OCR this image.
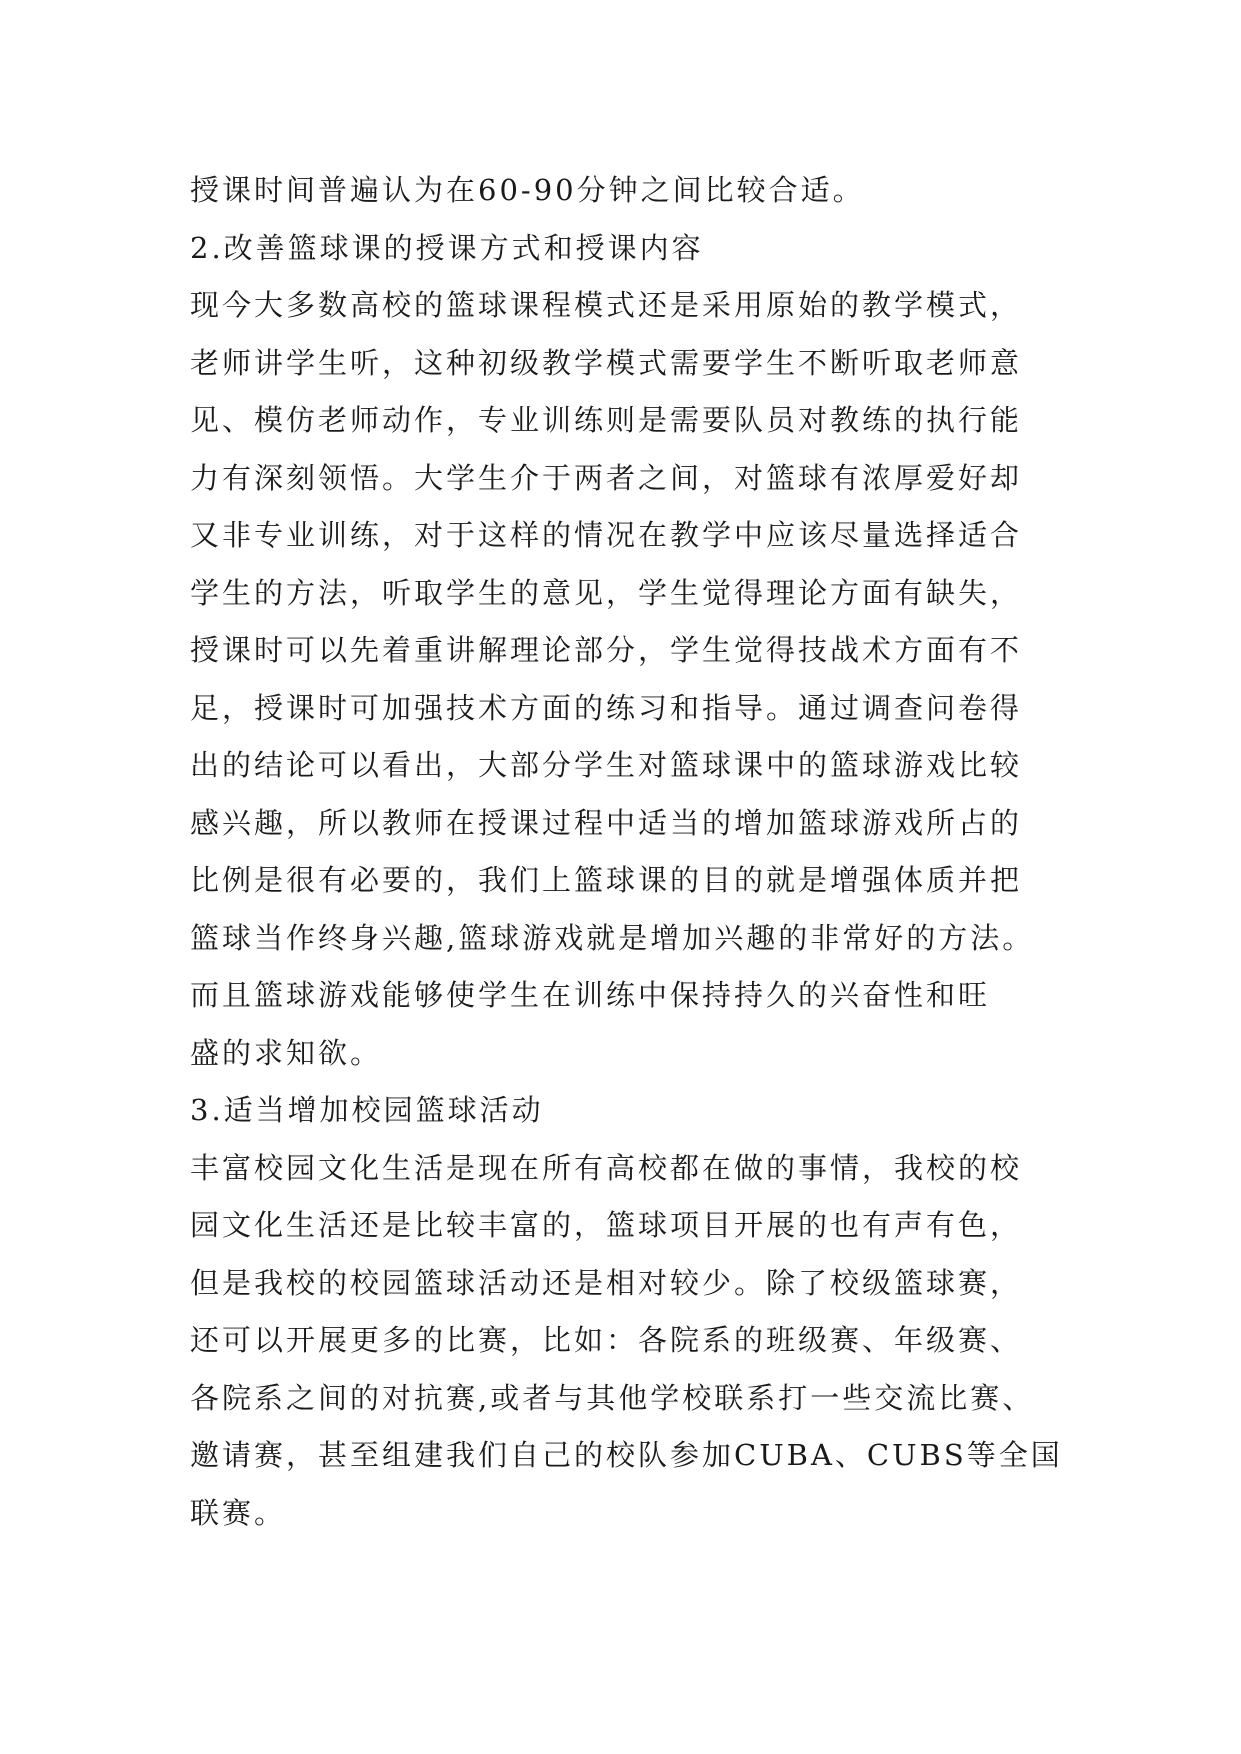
授课时间普遍认为在60-90分钟之间比较合适。
2.改善篮球课的授课方式和授课内容
现今大多数高校的篮球课程模式还是采用原始的教学模式，
老师讲学生听，这种初级教学模式需要学生不断听取老师意
见、模仿老师动作，专业训练则是需要队员对教练的执行能
力有深刻领悟。大学生介于两者之间，对篮球有浓厚爱好却
又非专业训练，对于这样的情况在教学中应该尽量选择适合
学生的方法，听取学生的意见，学生觉得理论方面有缺失，
授课时可以先着重讲解理论部分，学生觉得技战术方面有不
足，授课时可加强技术方面的练习和指导。通过调查问卷得
出的结论可以看出，大部分学生对篮球课中的篮球游戏比较
感兴趣，所以教师在授课过程中适当的增加篮球游戏所占的
比例是很有必要的，我们上篮球课的目的就是增强体质并把
篮球当作终身兴趣,篮球游戏就是增加兴趣的非常好的方法。
而且篮球游戏能够使学生在训练中保持持久的兴奋性和旺
盛的求知欲。
3.适当增加校园篮球活动
丰富校园文化生活是现在所有高校都在做的事情，我校的校
园文化生活还是比较丰富的，篮球项目开展的也有声有色，
但是我校的校园篮球活动还是相对较少。除了校级篮球赛，
还可以开展更多的比赛，比如：各院系的班级赛、年级赛、
各院系之间的对抗赛,或者与其他学校联系打一些交流比赛、
邀请赛，甚至组建我们自己的校队参加CUBA、CUBS等全国
联赛。
